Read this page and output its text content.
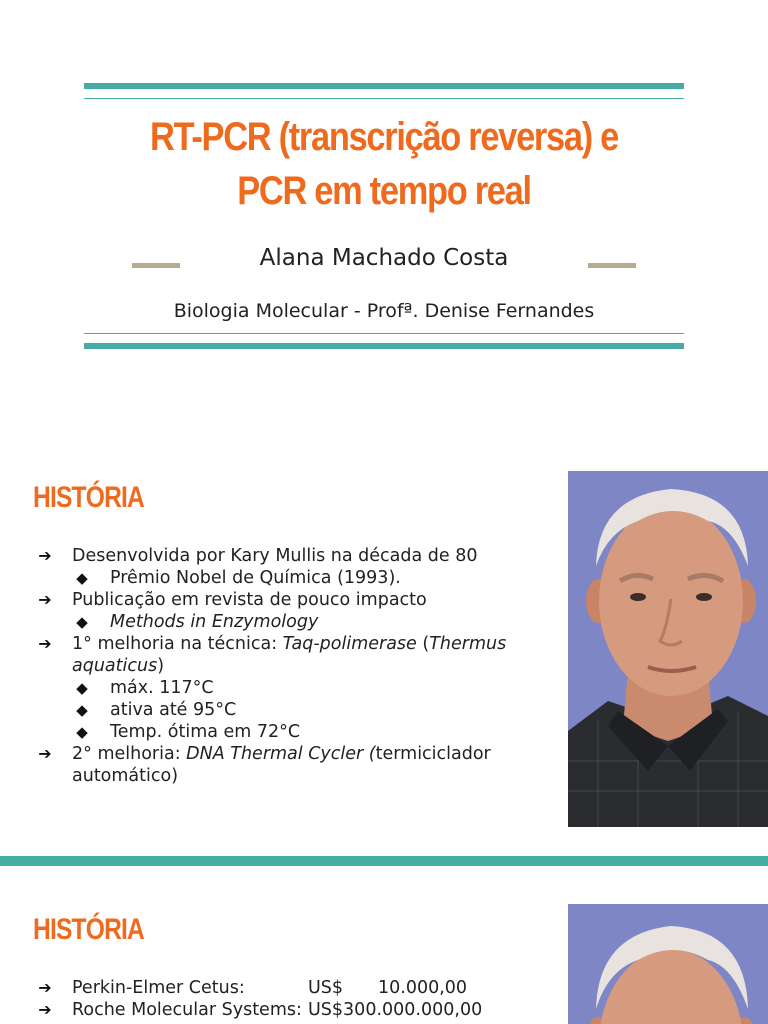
RT-PCR (transcrição reversa) e
PCR em tempo real
Alana Machado Costa
Biologia Molecular - Profª. Denise Fernandes
HISTÓRIA
➔	Desenvolvida por Kary Mullis na década de 80
◆	Prêmio Nobel de Química (1993).
➔	Publicação em revista de pouco impacto
◆	Methods in Enzymology
➔	1° melhoria na técnica: Taq-polimerase (Thermus aquaticus)
◆	máx. 117°C
◆	ativa até 95°C
◆	Temp. ótima em 72°C
➔	2° melhoria: DNA Thermal Cycler (termiciclador automático)
HISTÓRIA
➔	Perkin-Elmer Cetus:	US$ 10.000,00
➔	Roche Molecular Systems: US$300.000.000,00
